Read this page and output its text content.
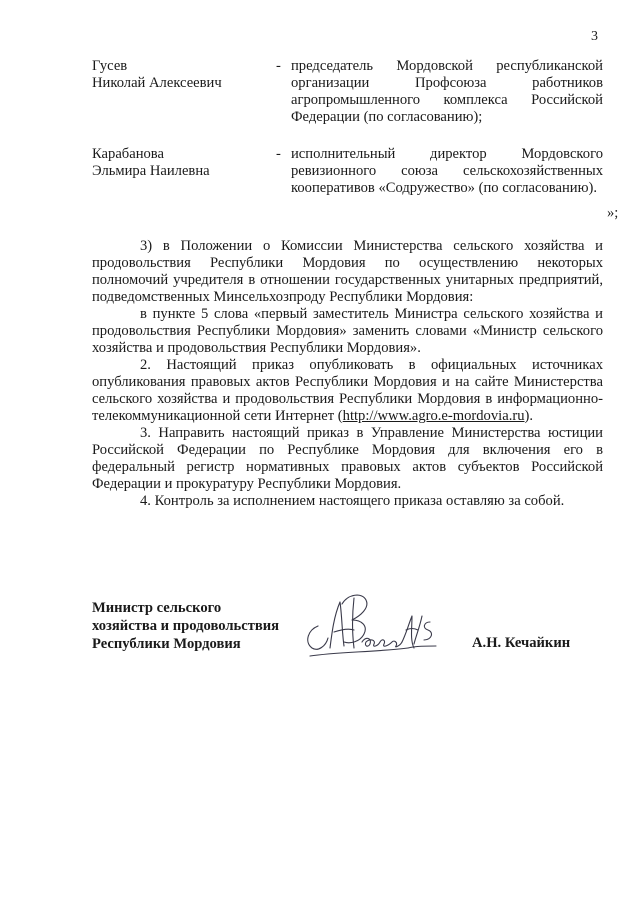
3
Гусев
Николай Алексеевич
- председатель Мордовской республиканской организации Профсоюза работников агропромышленного комплекса Российской Федерации (по согласованию);
Карабанова
Эльмира Наилевна
- исполнительный директор Мордовского ревизионного союза сельскохозяйственных кооперативов «Содружество» (по согласованию).
»;

3) в Положении о Комиссии Министерства сельского хозяйства и продовольствия Республики Мордовия по осуществлению некоторых полномочий учредителя в отношении государственных унитарных предприятий, подведомственных Минсельхозпроду Республики Мордовия:

в пункте 5 слова «первый заместитель Министра сельского хозяйства и продовольствия Республики Мордовия» заменить словами «Министр сельского хозяйства и продовольствия Республики Мордовия».

2. Настоящий приказ опубликовать в официальных источниках опубликования правовых актов Республики Мордовия и на сайте Министерства сельского хозяйства и продовольствия Республики Мордовия в информационно-телекоммуникационной сети Интернет (http://www.agro.e-mordovia.ru).

3. Направить настоящий приказ в Управление Министерства юстиции Российской Федерации по Республике Мордовия для включения его в федеральный регистр нормативных правовых актов субъектов Российской Федерации и прокуратуру Республики Мордовия.

4. Контроль за исполнением настоящего приказа оставляю за собой.

Министр сельского
хозяйства и продовольствия
Республики Мордовия	А.Н. Кечайкин
